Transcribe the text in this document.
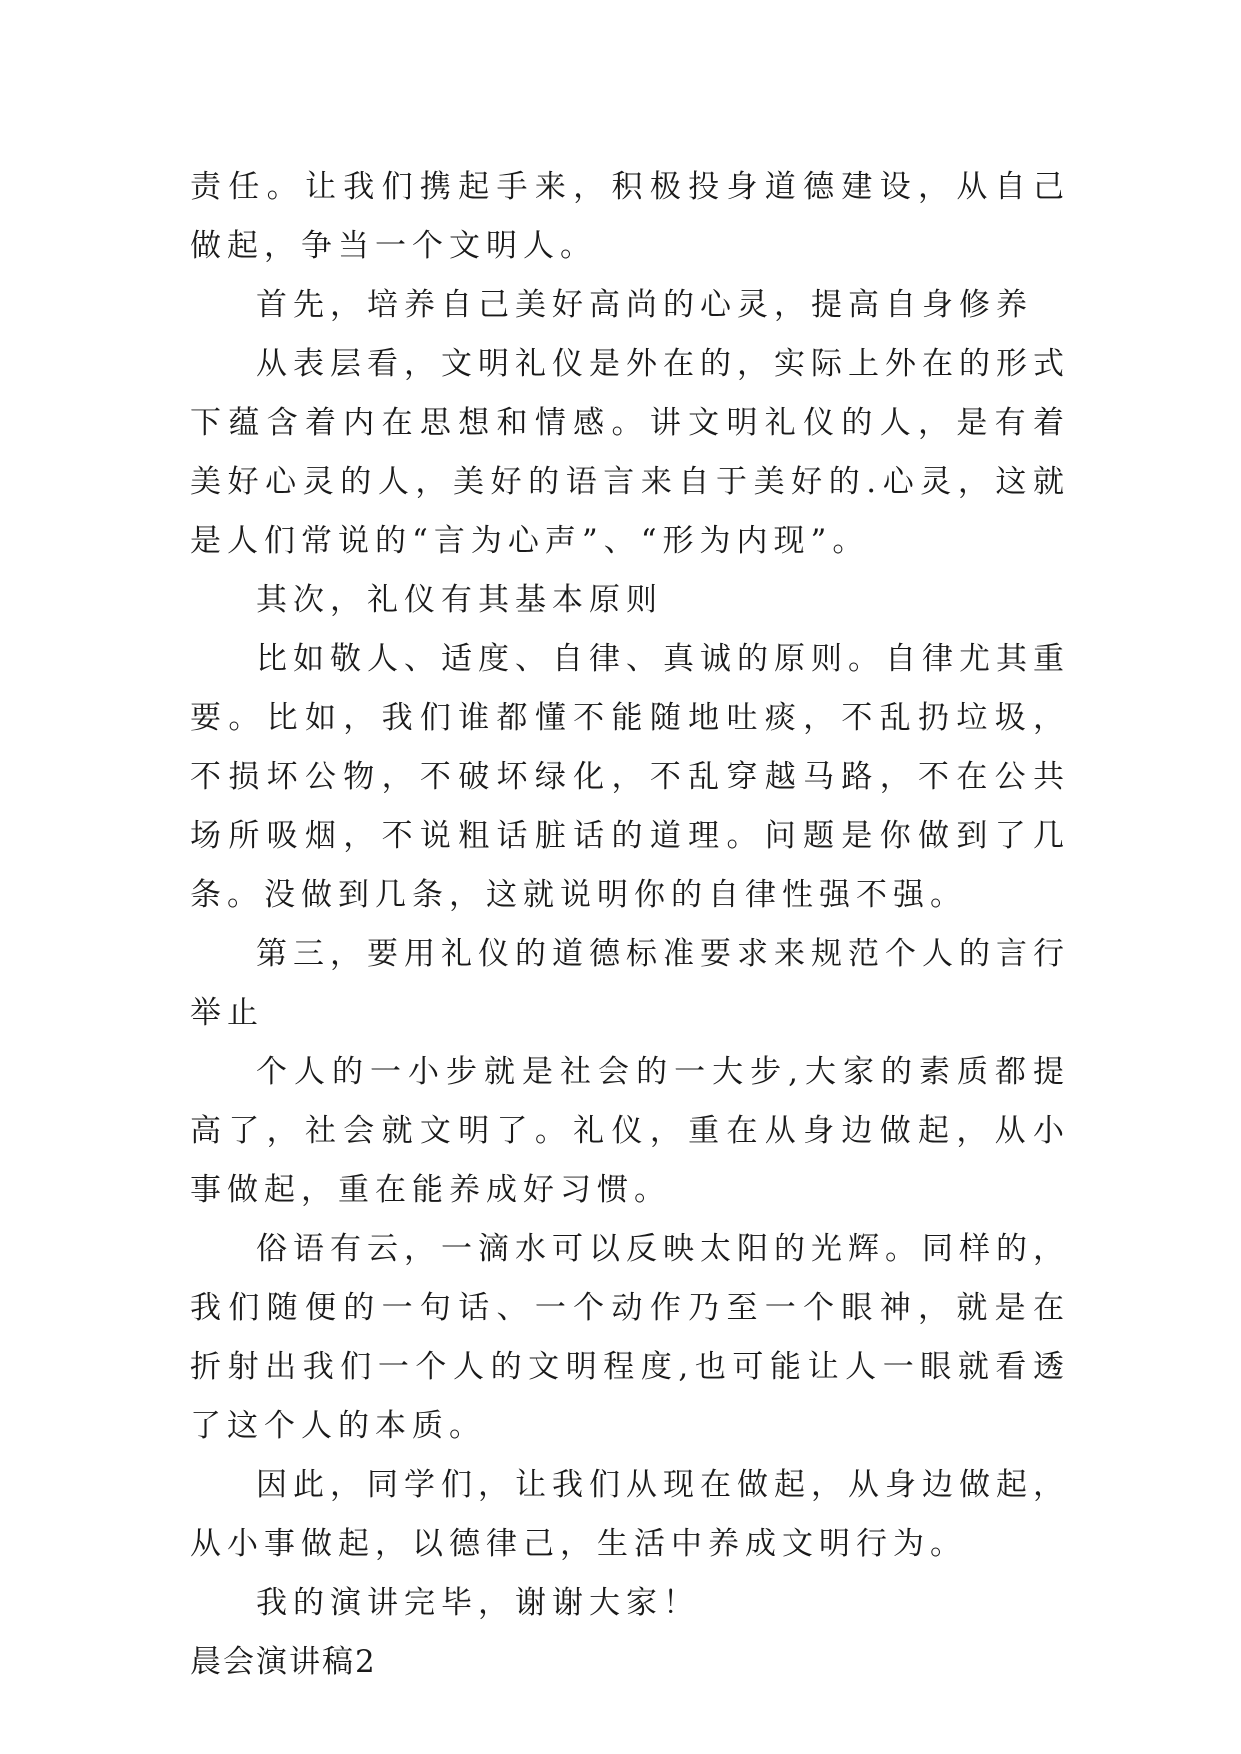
责任。让我们携起手来，积极投身道德建设，从自己做起，争当一个文明人。

首先，培养自己美好高尚的心灵，提高自身修养

从表层看，文明礼仪是外在的，实际上外在的形式下蕴含着内在思想和情感。讲文明礼仪的人，是有着美好心灵的人，美好的语言来自于美好的.心灵，这就是人们常说的“言为心声”、“形为内现”。

其次，礼仪有其基本原则

比如敬人、适度、自律、真诚的原则。自律尤其重要。比如，我们谁都懂不能随地吐痰，不乱扔垃圾，不损坏公物，不破坏绿化，不乱穿越马路，不在公共场所吸烟，不说粗话脏话的道理。问题是你做到了几条。没做到几条，这就说明你的自律性强不强。

第三，要用礼仪的道德标准要求来规范个人的言行举止

个人的一小步就是社会的一大步,大家的素质都提高了，社会就文明了。礼仪，重在从身边做起，从小事做起，重在能养成好习惯。

俗语有云，一滴水可以反映太阳的光辉。同样的，我们随便的一句话、一个动作乃至一个眼神，就是在折射出我们一个人的文明程度,也可能让人一眼就看透了这个人的本质。

因此，同学们，让我们从现在做起，从身边做起，从小事做起，以德律己，生活中养成文明行为。

我的演讲完毕，谢谢大家！

晨会演讲稿2
